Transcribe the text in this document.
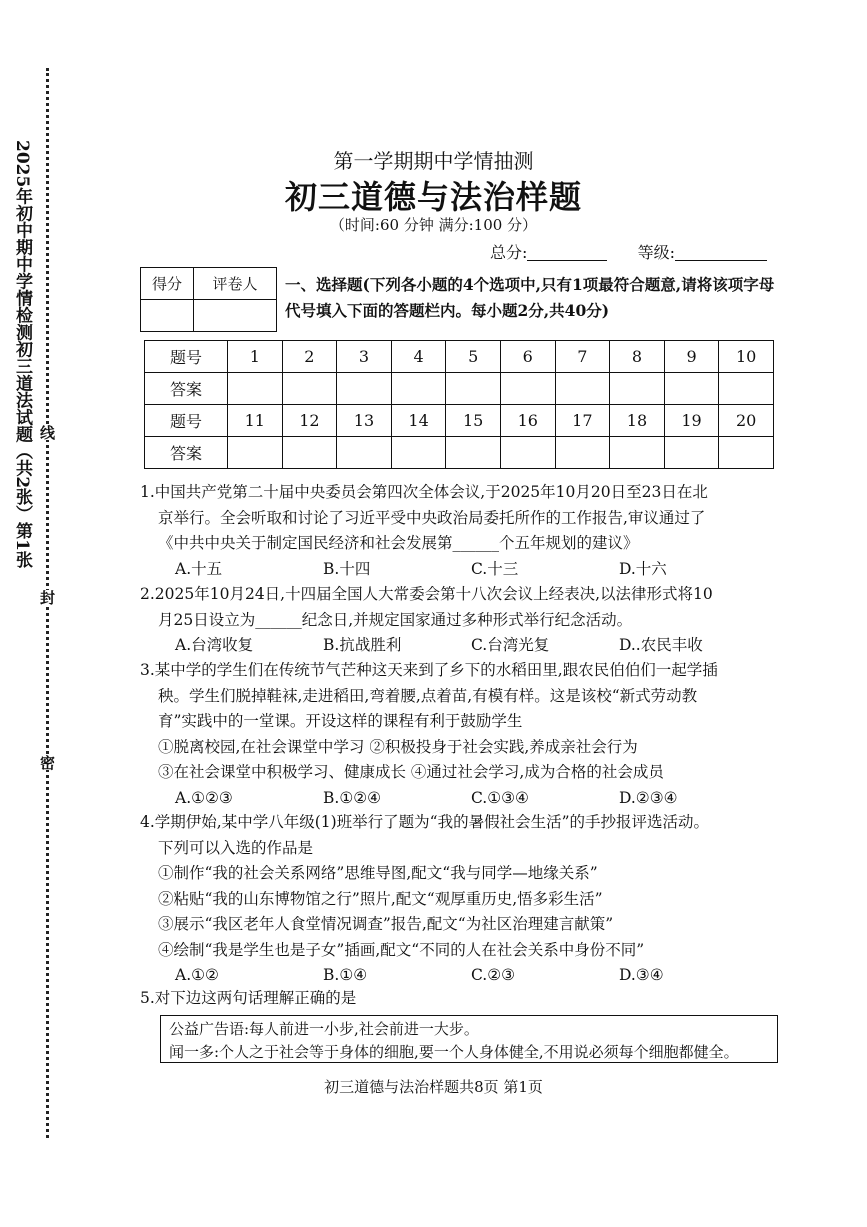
2025年初中期中学情检测初三道法试题（共2张）第1张 线
封
密
第一学期期中学情抽测
初三道德与法治样题
（时间:60 分钟 满分:100 分）
总分:	等级:
得分	评卷人
	一、选择题(下列各小题的4个选项中,只有1项最符合题意,请将该项字母代号填入下面的答题栏内。每小题2分,共40分)
题号	1	2	3	4	5	6	7	8	9	10
答案										
题号	11	12	13	14	15	16	17	18	19	20
答案										

1.中国共产党第二十届中央委员会第四次全体会议,于2025年10月20日至23日在北

京举行。全会听取和讨论了习近平受中央政治局委托所作的工作报告,审议通过了

《中共中央关于制定国民经济和社会发展第______个五年规划的建议》

A.十五	B.十四	C.十三	D.十六

2.2025年10月24日,十四届全国人大常委会第十八次会议上经表决,以法律形式将10

月25日设立为______纪念日,并规定国家通过多种形式举行纪念活动。

A.台湾收复	B.抗战胜利	C.台湾光复	D..农民丰收

3.某中学的学生们在传统节气芒种这天来到了乡下的水稻田里,跟农民伯伯们一起学插

秧。学生们脱掉鞋袜,走进稻田,弯着腰,点着苗,有模有样。这是该校“新式劳动教

育”实践中的一堂课。开设这样的课程有利于鼓励学生

①脱离校园,在社会课堂中学习 ②积极投身于社会实践,养成亲社会行为

③在社会课堂中积极学习、健康成长 ④通过社会学习,成为合格的社会成员

A.①②③	B.①②④	C.①③④	D.②③④

4.学期伊始,某中学八年级(1)班举行了题为“我的暑假社会生活”的手抄报评选活动。

下列可以入选的作品是

①制作“我的社会关系网络”思维导图,配文“我与同学—地缘关系”

②粘贴“我的山东博物馆之行”照片,配文“观厚重历史,悟多彩生活”

③展示“我区老年人食堂情况调查”报告,配文“为社区治理建言献策”

④绘制“我是学生也是子女”插画,配文“不同的人在社会关系中身份不同”

A.①②	B.①④	C.②③	D.③④

5.对下边这两句话理解正确的是

公益广告语:每人前进一小步,社会前进一大步。

闻一多:个人之于社会等于身体的细胞,要一个人身体健全,不用说必须每个细胞都健全。

初三道德与法治样题共8页 第1页
